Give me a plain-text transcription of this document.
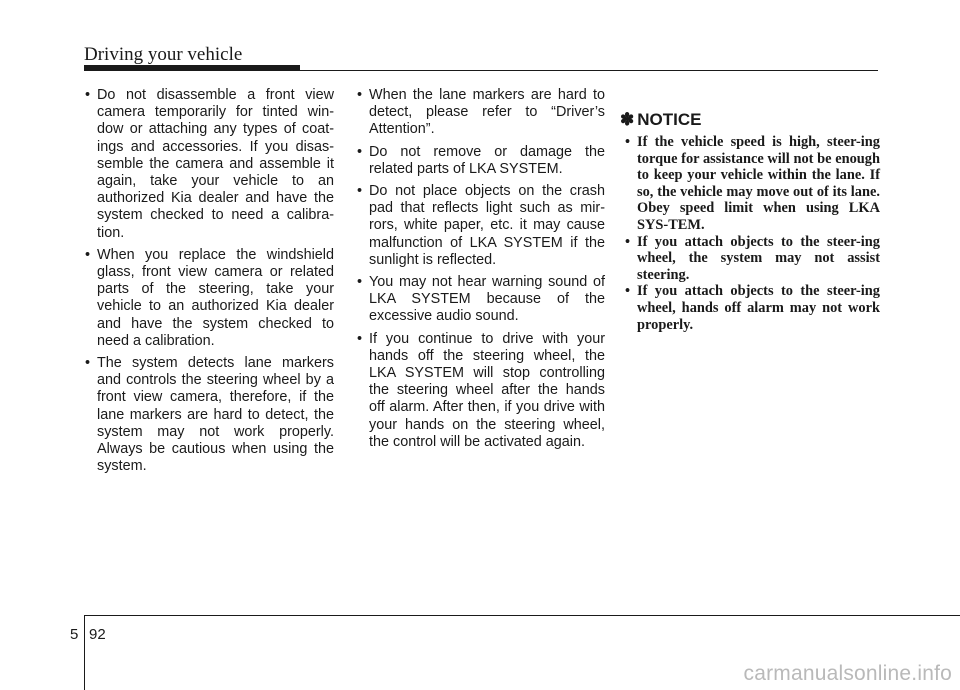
Driving your vehicle
• Do not disassemble a front view camera temporarily for tinted win-dow or attaching any types of coat-ings and accessories. If you disas-semble the camera and assemble it again, take your vehicle to an authorized Kia dealer and have the system checked to need a calibra-tion.
• When you replace the windshield glass, front view camera or related parts of the steering, take your vehicle to an authorized Kia dealer and have the system checked to need a calibration.
• The system detects lane markers and controls the steering wheel by a front view camera, therefore, if the lane markers are hard to detect, the system may not work properly. Always be cautious when using the system.
• When the lane markers are hard to detect, please refer to “Driver’s Attention”.
• Do not remove or damage the related parts of LKA SYSTEM.
• Do not place objects on the crash pad that reflects light such as mir-rors, white paper, etc. it may cause malfunction of LKA SYSTEM if the sunlight is reflected.
• You may not hear warning sound of LKA SYSTEM because of the excessive audio sound.
• If you continue to drive with your hands off the steering wheel, the LKA SYSTEM will stop controlling the steering wheel after the hands off alarm. After then, if you drive with your hands on the steering wheel, the control will be activated again.
✽ NOTICE
• If the vehicle speed is high, steer-ing torque for assistance will not be enough to keep your vehicle within the lane. If so, the vehicle may move out of its lane. Obey speed limit when using LKA SYS-TEM.
• If you attach objects to the steer-ing wheel, the system may not assist steering.
• If you attach objects to the steer-ing wheel, hands off alarm may not work properly.
5 92
carmanualsonline.info
